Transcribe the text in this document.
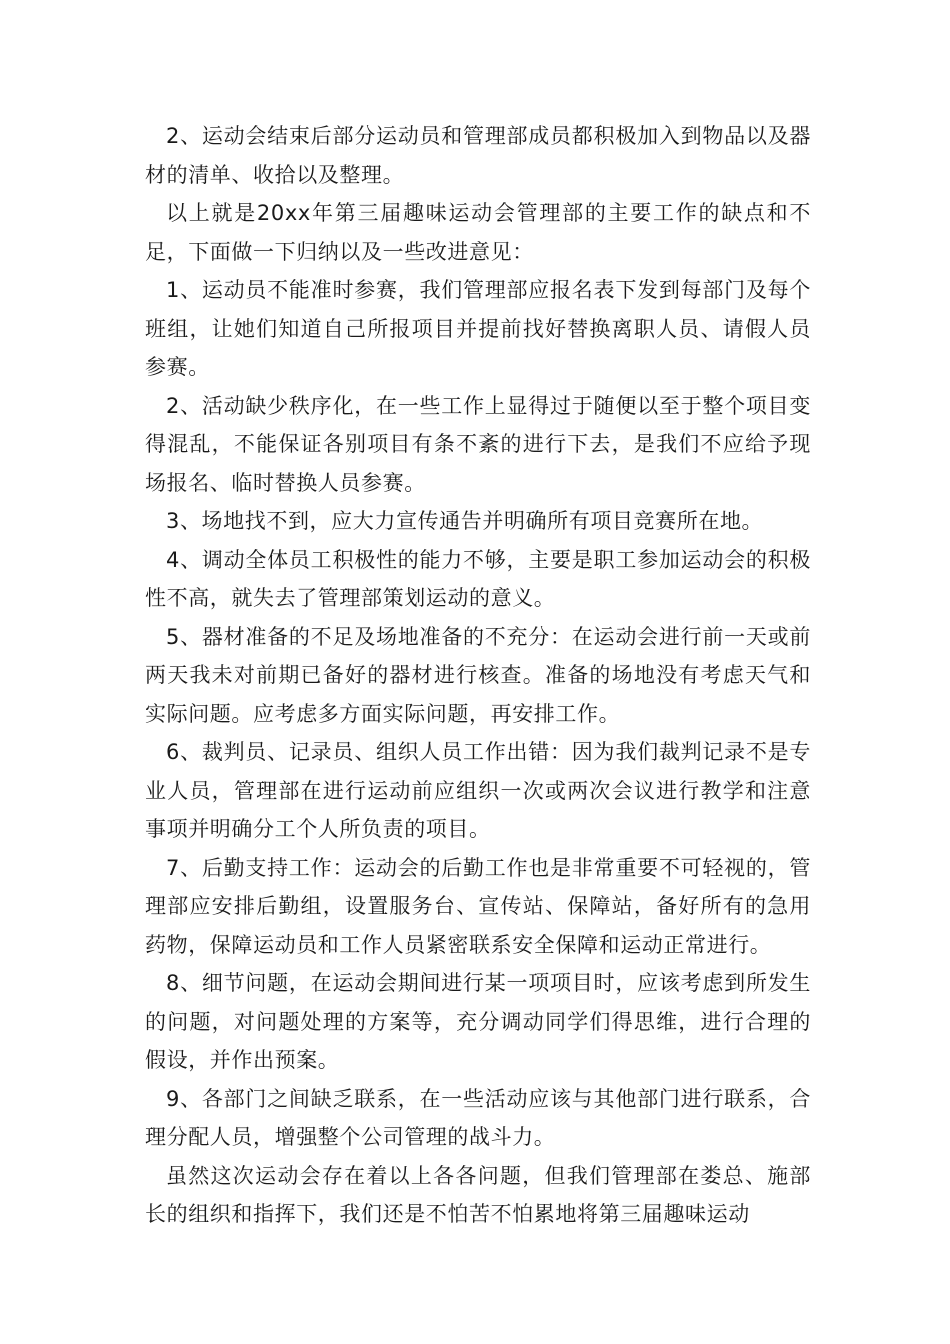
2、运动会结束后部分运动员和管理部成员都积极加入到物品以及器材的清单、收拾以及整理。

以上就是20xx年第三届趣味运动会管理部的主要工作的缺点和不足，下面做一下归纳以及一些改进意见：

1、运动员不能准时参赛，我们管理部应报名表下发到每部门及每个班组，让她们知道自己所报项目并提前找好替换离职人员、请假人员参赛。

2、活动缺少秩序化，在一些工作上显得过于随便以至于整个项目变得混乱，不能保证各别项目有条不紊的进行下去，是我们不应给予现场报名、临时替换人员参赛。

3、场地找不到，应大力宣传通告并明确所有项目竞赛所在地。

4、调动全体员工积极性的能力不够，主要是职工参加运动会的积极性不高，就失去了管理部策划运动的意义。

5、器材准备的不足及场地准备的不充分：在运动会进行前一天或前两天我未对前期已备好的器材进行核查。准备的场地没有考虑天气和实际问题。应考虑多方面实际问题，再安排工作。

6、裁判员、记录员、组织人员工作出错：因为我们裁判记录不是专业人员，管理部在进行运动前应组织一次或两次会议进行教学和注意事项并明确分工个人所负责的项目。

7、后勤支持工作：运动会的后勤工作也是非常重要不可轻视的，管理部应安排后勤组，设置服务台、宣传站、保障站，备好所有的急用药物，保障运动员和工作人员紧密联系安全保障和运动正常进行。

8、细节问题，在运动会期间进行某一项项目时，应该考虑到所发生的问题，对问题处理的方案等，充分调动同学们得思维，进行合理的假设，并作出预案。

9、各部门之间缺乏联系，在一些活动应该与其他部门进行联系，合理分配人员，增强整个公司管理的战斗力。

虽然这次运动会存在着以上各各问题，但我们管理部在娄总、施部长的组织和指挥下，我们还是不怕苦不怕累地将第三届趣味运动
